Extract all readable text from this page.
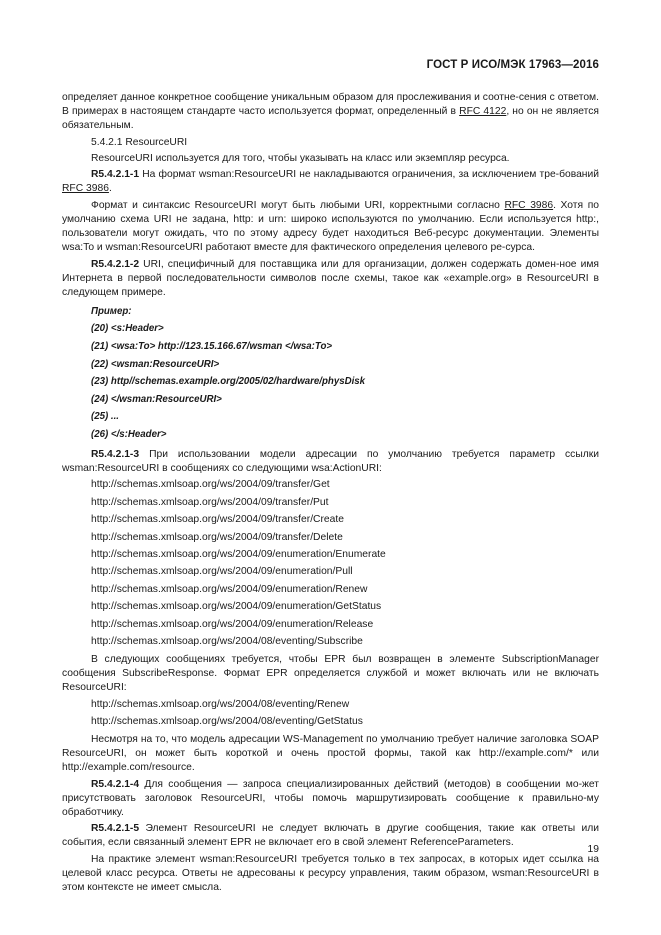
ГОСТ Р ИСО/МЭК 17963—2016

определяет данное конкретное сообщение уникальным образом для прослеживания и соотне-сения с ответом. В примерах в настоящем стандарте часто используется формат, определенный в RFC 4122, но он не является обязательным.

5.4.2.1 ResourceURI

ResourceURI используется для того, чтобы указывать на класс или экземпляр ресурса.

R5.4.2.1-1 На формат wsman:ResourceURI не накладываются ограничения, за исключением тре-бований RFC 3986.

Формат и синтаксис ResourceURI могут быть любыми URI, корректными согласно RFC 3986. Хотя по умолчанию схема URI не задана, http: и urn: широко используются по умолчанию. Если используется http:, пользователи могут ожидать, что по этому адресу будет находиться Веб-ресурс документации. Элементы wsa:To и wsman:ResourceURI работают вместе для фактического определения целевого ре-сурса.

R5.4.2.1-2 URI, специфичный для поставщика или для организации, должен содержать домен-ное имя Интернета в первой последовательности символов после схемы, такое как «example.org» в ResourceURI в следующем примере.

Пример:
(20) <s:Header>
(21) <wsa:To> http://123.15.166.67/wsman </wsa:To>
(22) <wsman:ResourceURI>
(23) http//schemas.example.org/2005/02/hardware/physDisk
(24) </wsman:ResourceURI>
(25) ...
(26) </s:Header>

R5.4.2.1-3 При использовании модели адресации по умолчанию требуется параметр ссылки wsman:ResourceURI в сообщениях со следующими wsa:ActionURI:

http://schemas.xmlsoap.org/ws/2004/09/transfer/Get
http://schemas.xmlsoap.org/ws/2004/09/transfer/Put
http://schemas.xmlsoap.org/ws/2004/09/transfer/Create
http://schemas.xmlsoap.org/ws/2004/09/transfer/Delete
http://schemas.xmlsoap.org/ws/2004/09/enumeration/Enumerate
http://schemas.xmlsoap.org/ws/2004/09/enumeration/Pull
http://schemas.xmlsoap.org/ws/2004/09/enumeration/Renew
http://schemas.xmlsoap.org/ws/2004/09/enumeration/GetStatus
http://schemas.xmlsoap.org/ws/2004/09/enumeration/Release
http://schemas.xmlsoap.org/ws/2004/08/eventing/Subscribe

В следующих сообщениях требуется, чтобы EPR был возвращен в элементе SubscriptionManager сообщения SubscribeResponse. Формат EPR определяется службой и может включать или не включать ResourceURI:

http://schemas.xmlsoap.org/ws/2004/08/eventing/Renew
http://schemas.xmlsoap.org/ws/2004/08/eventing/GetStatus

Несмотря на то, что модель адресации WS-Management по умолчанию требует наличие заголовка SOAP ResourceURI, он может быть короткой и очень простой формы, такой как http://example.com/* или http://example.com/resource.

R5.4.2.1-4 Для сообщения — запроса специализированных действий (методов) в сообщении мо-жет присутствовать заголовок ResourceURI, чтобы помочь маршрутизировать сообщение к правильно-му обработчику.

R5.4.2.1-5 Элемент ResourceURI не следует включать в другие сообщения, такие как ответы или события, если связанный элемент EPR не включает его в свой элемент ReferenceParameters.

На практике элемент wsman:ResourceURI требуется только в тех запросах, в которых идет ссылка на целевой класс ресурса. Ответы не адресованы к ресурсу управления, таким образом, wsman:ResourceURI в этом контексте не имеет смысла.

19
